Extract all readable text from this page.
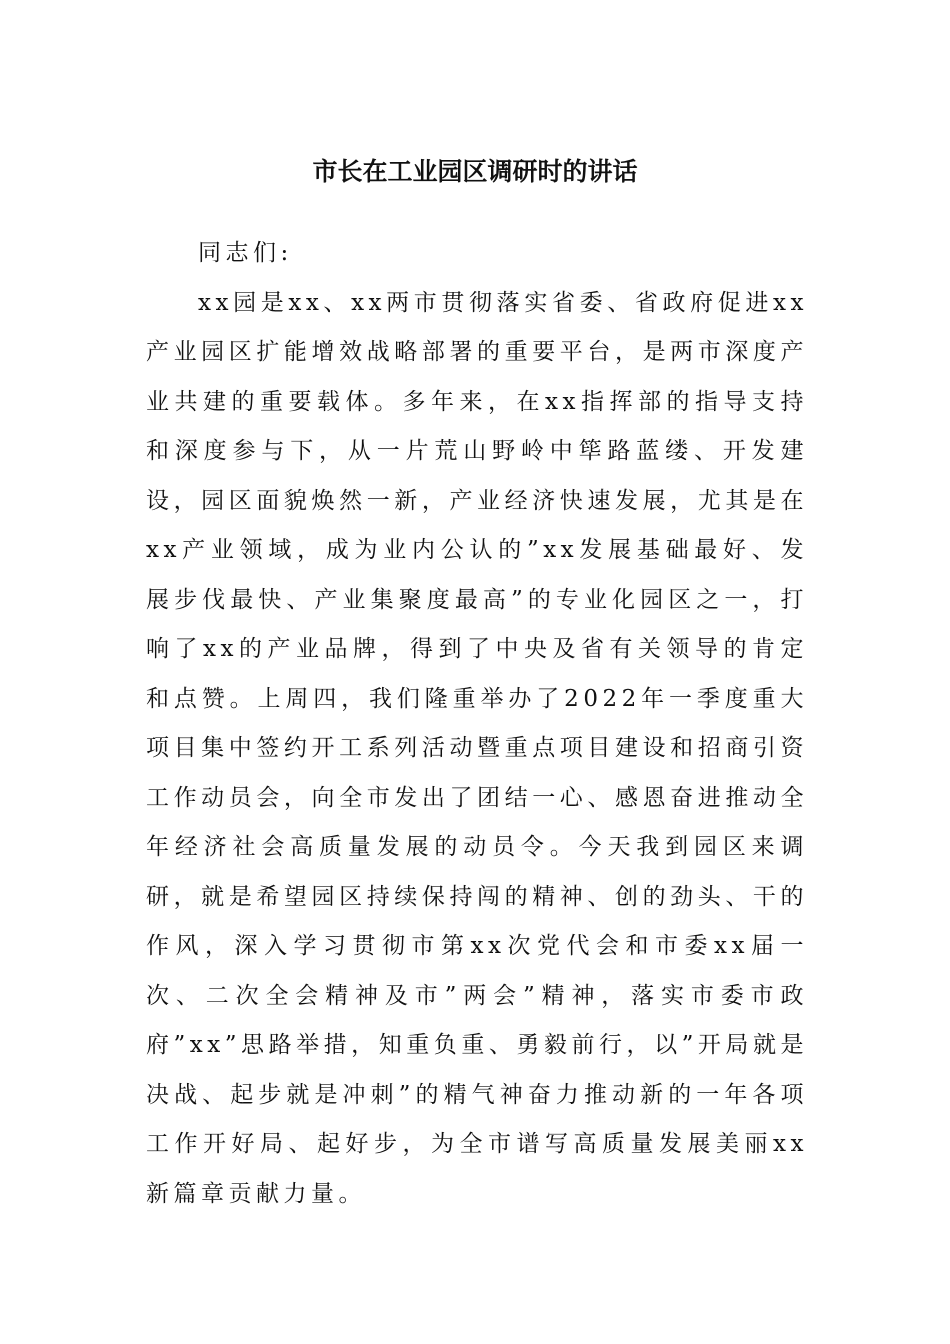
市长在工业园区调研时的讲话

同志们:

xx园是xx、xx两市贯彻落实省委、省政府促进xx产业园区扩能增效战略部署的重要平台，是两市深度产业共建的重要载体。多年来，在xx指挥部的指导支持和深度参与下，从一片荒山野岭中筚路蓝缕、开发建设，园区面貌焕然一新，产业经济快速发展，尤其是在xx产业领域，成为业内公认的”xx发展基础最好、发展步伐最快、产业集聚度最高”的专业化园区之一，打响了xx的产业品牌，得到了中央及省有关领导的肯定和点赞。上周四，我们隆重举办了2022年一季度重大项目集中签约开工系列活动暨重点项目建设和招商引资工作动员会，向全市发出了团结一心、感恩奋进推动全年经济社会高质量发展的动员令。今天我到园区来调研，就是希望园区持续保持闯的精神、创的劲头、干的作风，深入学习贯彻市第xx次党代会和市委xx届一次、二次全会精神及市”两会”精神，落实市委市政府”xx”思路举措，知重负重、勇毅前行，以”开局就是决战、起步就是冲刺”的精气神奋力推动新的一年各项工作开好局、起好步，为全市谱写高质量发展美丽xx新篇章贡献力量。
